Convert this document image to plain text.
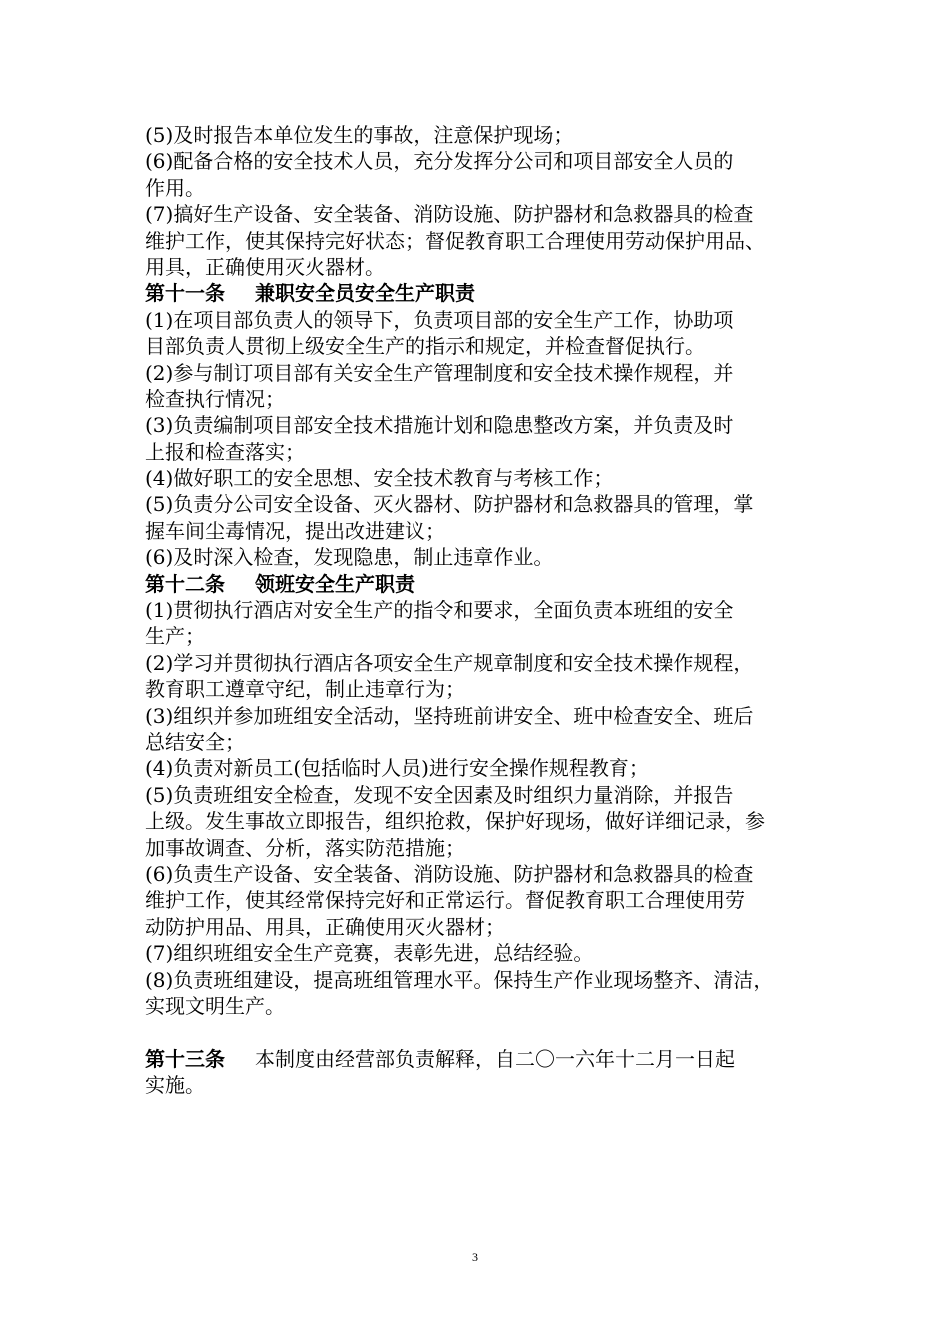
(5)及时报告本单位发生的事故，注意保护现场；
(6)配备合格的安全技术人员，充分发挥分公司和项目部安全人员的
作用。
(7)搞好生产设备、安全装备、消防设施、防护器材和急救器具的检查
维护工作，使其保持完好状态；督促教育职工合理使用劳动保护用品、
用具，正确使用灭火器材。
第十一条 兼职安全员安全生产职责
(1)在项目部负责人的领导下，负责项目部的安全生产工作，协助项
目部负责人贯彻上级安全生产的指示和规定，并检查督促执行。
(2)参与制订项目部有关安全生产管理制度和安全技术操作规程，并
检查执行情况；
(3)负责编制项目部安全技术措施计划和隐患整改方案，并负责及时
上报和检查落实；
(4)做好职工的安全思想、安全技术教育与考核工作；
(5)负责分公司安全设备、灭火器材、防护器材和急救器具的管理，掌
握车间尘毒情况，提出改进建议；
(6)及时深入检查，发现隐患，制止违章作业。
第十二条 领班安全生产职责
(1)贯彻执行酒店对安全生产的指令和要求，全面负责本班组的安全
生产；
(2)学习并贯彻执行酒店各项安全生产规章制度和安全技术操作规程，
教育职工遵章守纪，制止违章行为；
(3)组织并参加班组安全活动，坚持班前讲安全、班中检查安全、班后
总结安全；
(4)负责对新员工(包括临时人员)进行安全操作规程教育；
(5)负责班组安全检查，发现不安全因素及时组织力量消除，并报告
上级。发生事故立即报告，组织抢救，保护好现场，做好详细记录，参
加事故调查、分析，落实防范措施；
(6)负责生产设备、安全装备、消防设施、防护器材和急救器具的检查
维护工作，使其经常保持完好和正常运行。督促教育职工合理使用劳
动防护用品、用具，正确使用灭火器材；
(7)组织班组安全生产竞赛，表彰先进，总结经验。
(8)负责班组建设，提高班组管理水平。保持生产作业现场整齐、清洁，
实现文明生产。
第十三条 本制度由经营部负责解释，自二〇一六年十二月一日起
实施。
3
